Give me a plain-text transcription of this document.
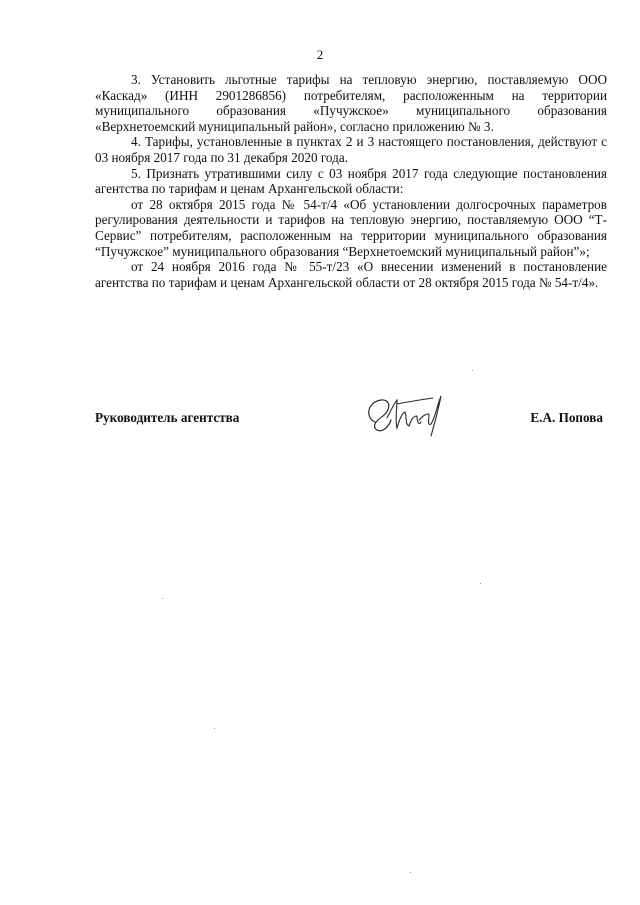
2

3. Установить льготные тарифы на тепловую энергию, поставляемую ООО «Каскад» (ИНН 2901286856) потребителям, расположенным на территории муниципального образования «Пучужское» муниципального образования «Верхнетоемский муниципальный район», согласно приложению № 3.

4. Тарифы, установленные в пунктах 2 и 3 настоящего постановления, действуют с 03 ноября 2017 года по 31 декабря 2020 года.

5. Признать утратившими силу с 03 ноября 2017 года следующие постановления агентства по тарифам и ценам Архангельской области:

от 28 октября 2015 года № 54-т/4 «Об установлении долгосрочных параметров регулирования деятельности и тарифов на тепловую энергию, поставляемую ООО “Т-Сервис” потребителям, расположенным на территории муниципального образования “Пучужское” муниципального образования “Верхнетоемский муниципальный район”»;

от 24 ноября 2016 года № 55-т/23 «О внесении изменений в постановление агентства по тарифам и ценам Архангельской области от 28 октября 2015 года № 54-т/4».

Руководитель агентства	Е.А. Попова
